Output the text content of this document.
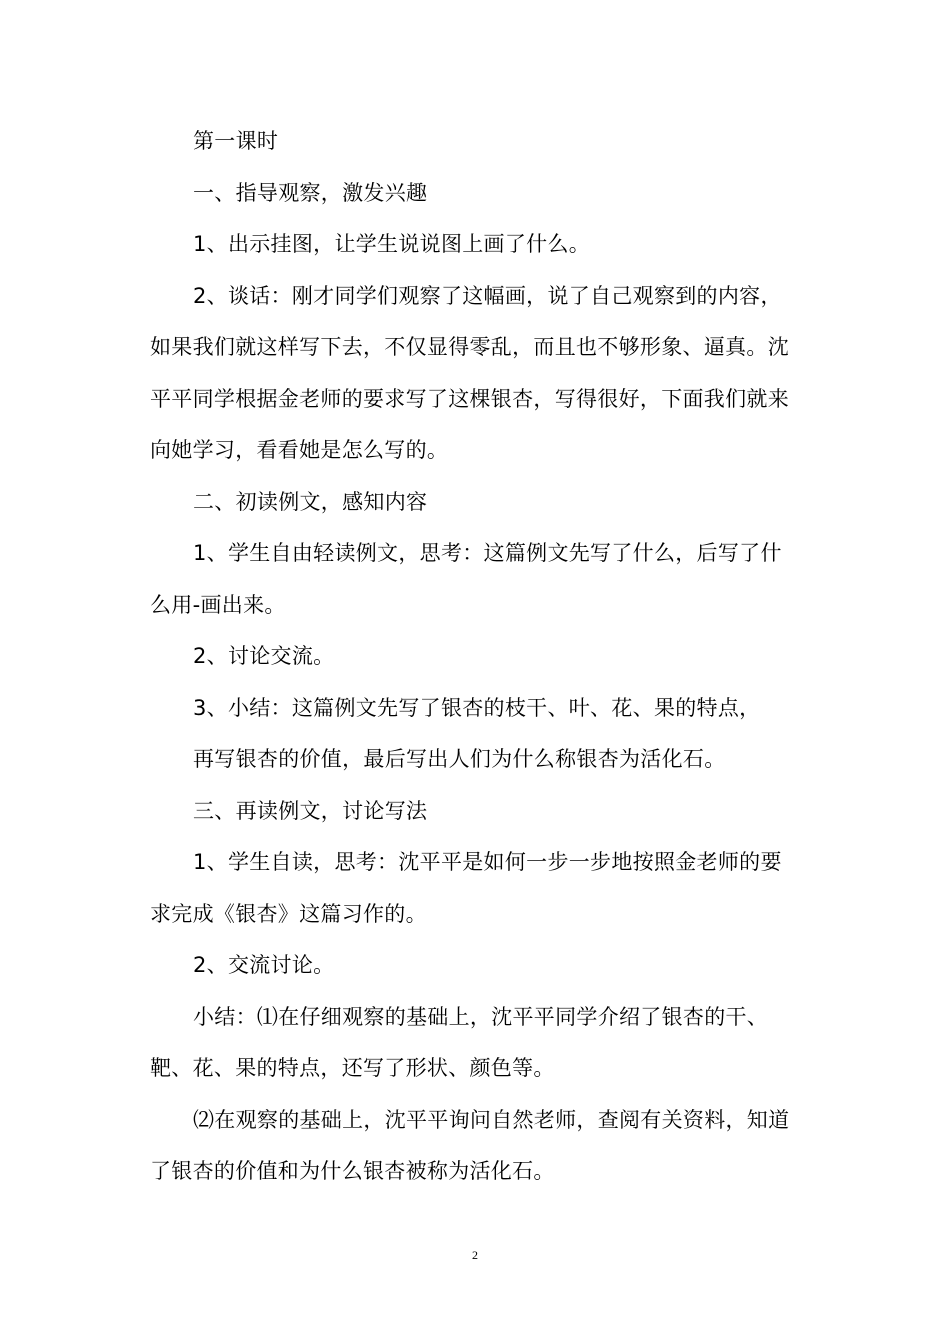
第一课时

一、指导观察，激发兴趣

1、出示挂图，让学生说说图上画了什么。

2、谈话：刚才同学们观察了这幅画，说了自己观察到的内容，如果我们就这样写下去，不仅显得零乱，而且也不够形象、逼真。沈平平同学根据金老师的要求写了这棵银杏，写得很好，下面我们就来向她学习，看看她是怎么写的。

二、初读例文，感知内容

1、学生自由轻读例文，思考：这篇例文先写了什么，后写了什么用-画出来。

2、讨论交流。

3、小结：这篇例文先写了银杏的枝干、叶、花、果的特点，

再写银杏的价值，最后写出人们为什么称银杏为活化石。

三、再读例文，讨论写法

1、学生自读，思考：沈平平是如何一步一步地按照金老师的要求完成《银杏》这篇习作的。

2、交流讨论。

小结：⑴在仔细观察的基础上，沈平平同学介绍了银杏的干、靶、花、果的特点，还写了形状、颜色等。

⑵在观察的基础上，沈平平询问自然老师，查阅有关资料，知道了银杏的价值和为什么银杏被称为活化石。

2
